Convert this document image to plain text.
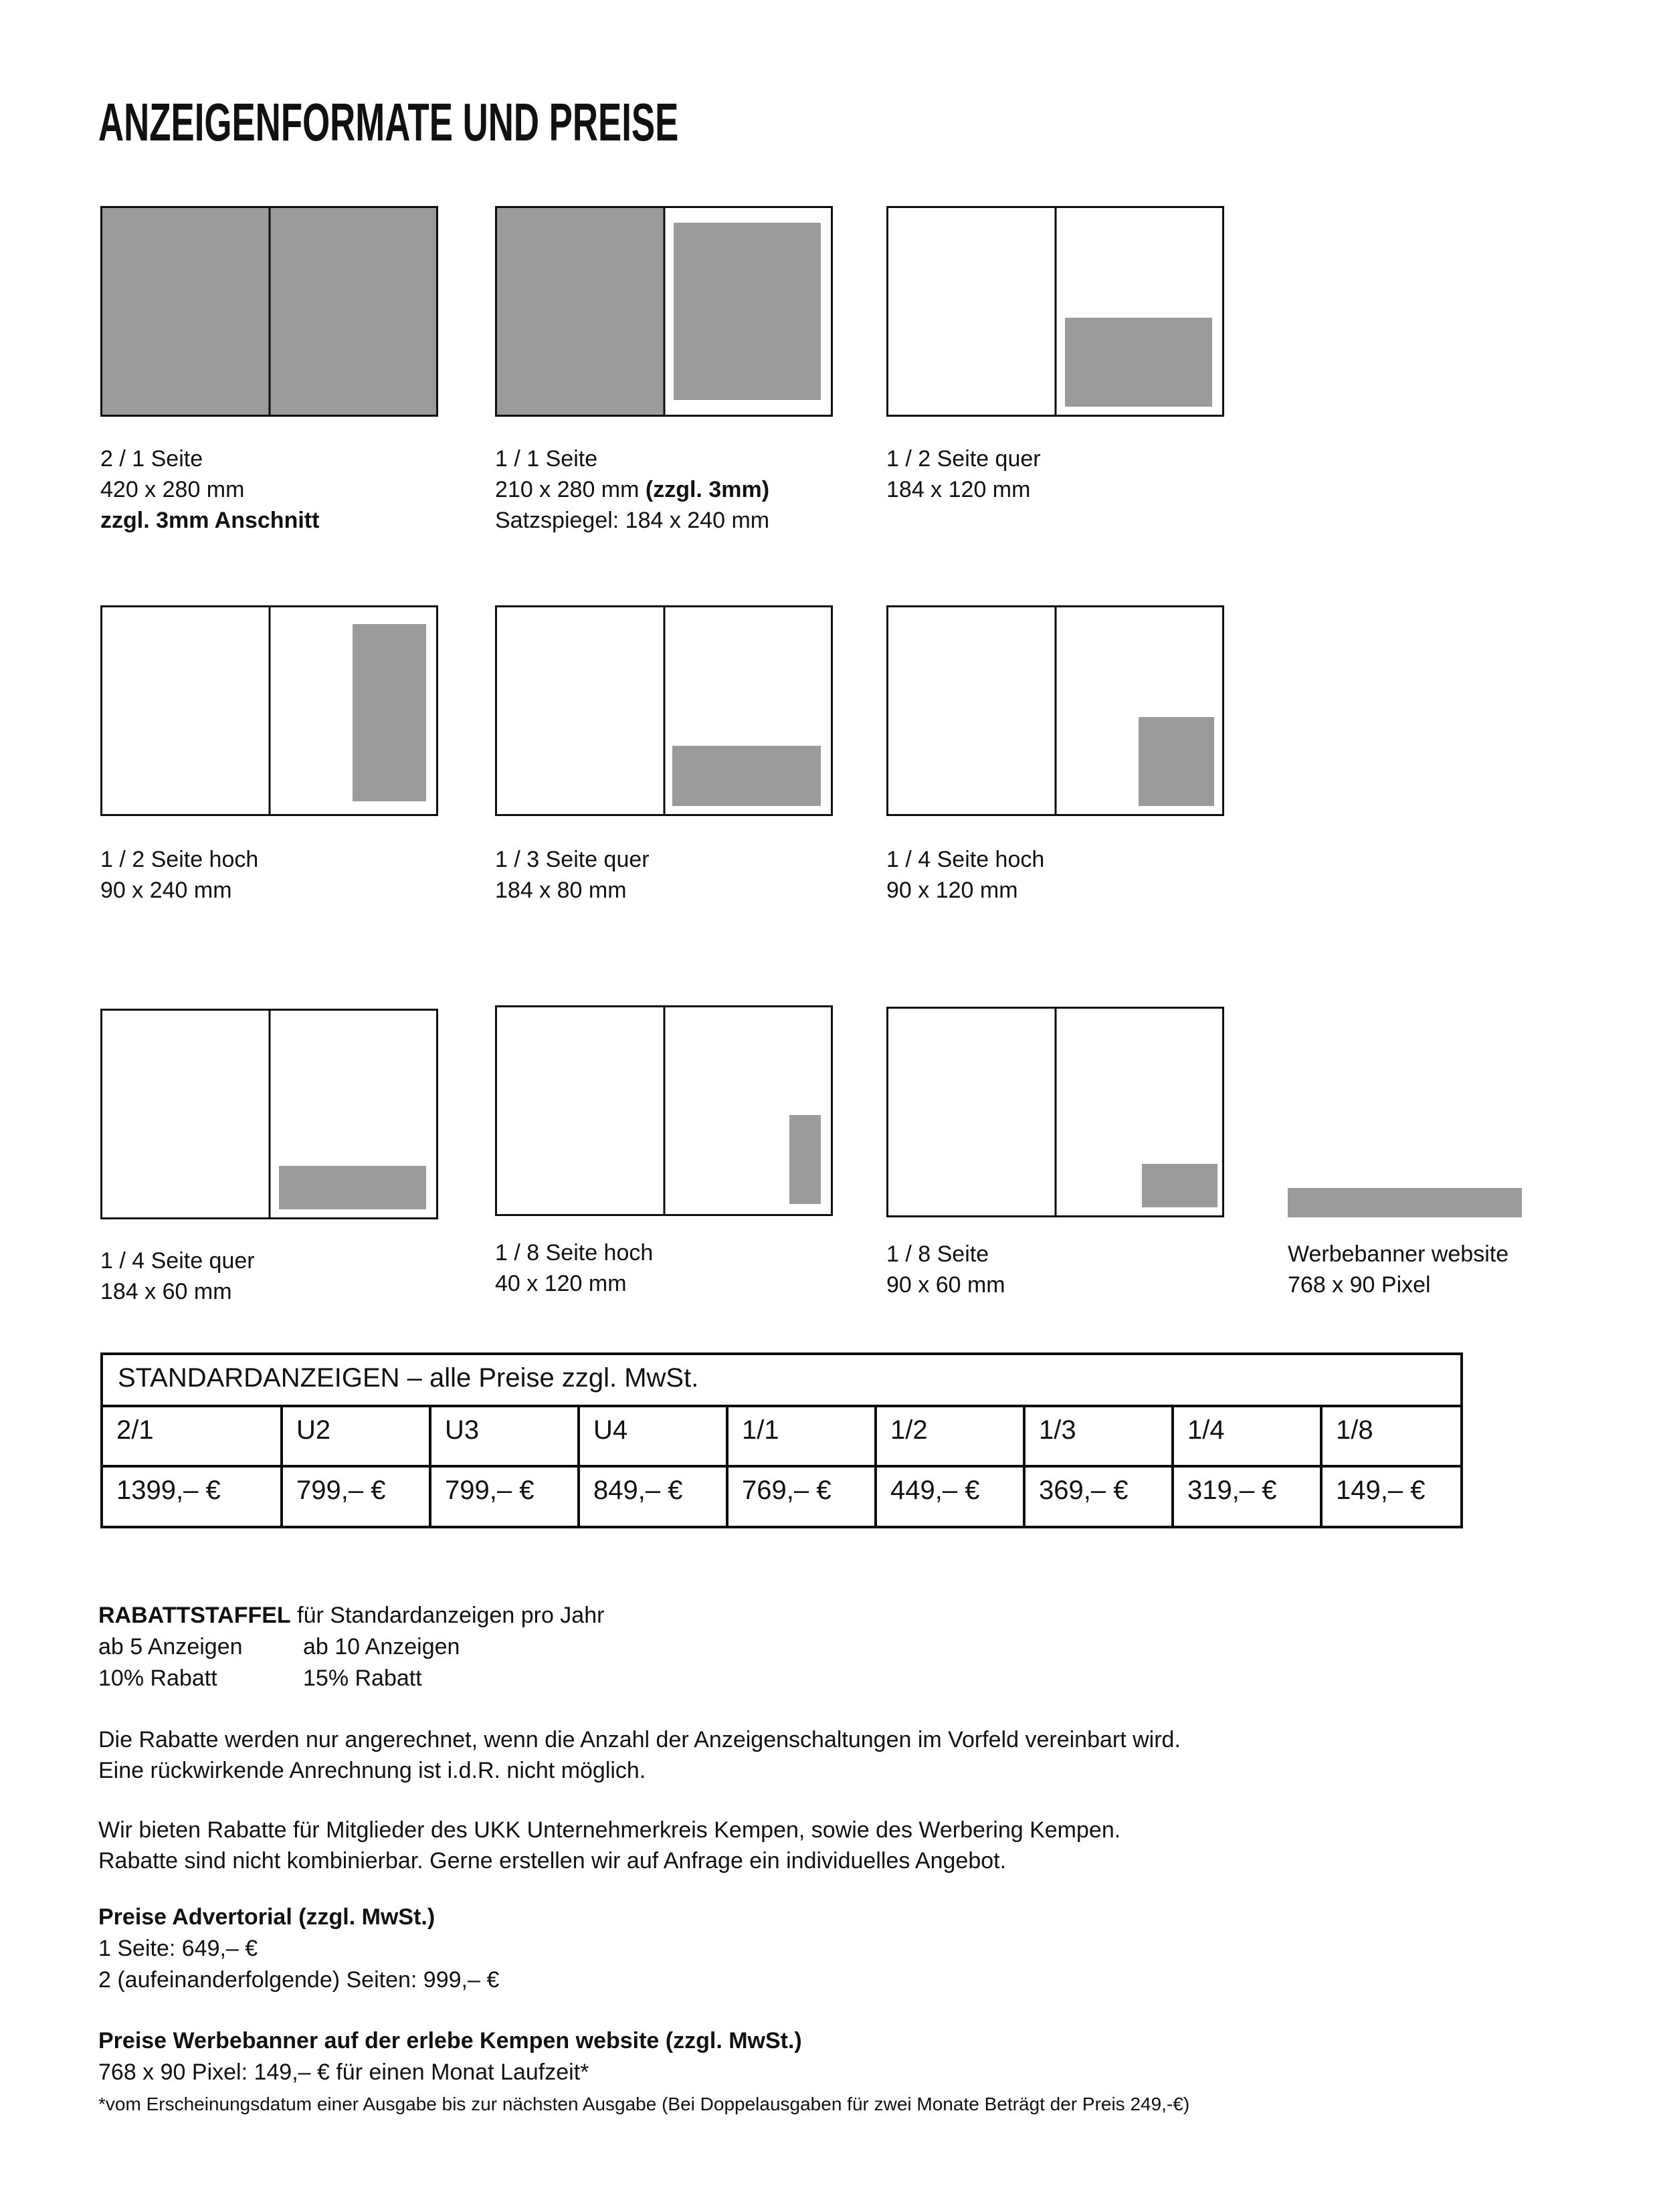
ANZEIGENFORMATE UND PREISE
2 / 1 Seite
420 x 280 mm
zzgl. 3mm Anschnitt
1 / 1 Seite
210 x 280 mm (zzgl. 3mm)
Satzspiegel: 184 x 240 mm
1 / 2 Seite quer
184 x 120 mm
1 / 2 Seite hoch
90 x 240 mm
1 / 3 Seite quer
184 x 80 mm
1 / 4 Seite hoch
90 x 120 mm
1 / 4 Seite quer
184 x 60 mm
1 / 8 Seite hoch
40 x 120 mm
1 / 8 Seite
90 x 60 mm
Werbebanner website
768 x 90 Pixel
STANDARDANZEIGEN – alle Preise zzgl. MwSt.
2/1	U2	U3	U4	1/1	1/2	1/3	1/4	1/8
1399,– €	799,– €	799,– €	849,– €	769,– €	449,– €	369,– €	319,– €	149,– €
RABATTSTAFFEL für Standardanzeigen pro Jahr
ab 5 Anzeigen	ab 10 Anzeigen
10% Rabatt	15% Rabatt
Die Rabatte werden nur angerechnet, wenn die Anzahl der Anzeigenschaltungen im Vorfeld vereinbart wird.
Eine rückwirkende Anrechnung ist i.d.R. nicht möglich.
Wir bieten Rabatte für Mitglieder des UKK Unternehmerkreis Kempen, sowie des Werbering Kempen.
Rabatte sind nicht kombinierbar. Gerne erstellen wir auf Anfrage ein individuelles Angebot.
Preise Advertorial (zzgl. MwSt.)
1 Seite: 649,– €
2 (aufeinanderfolgende) Seiten: 999,– €
Preise Werbebanner auf der erlebe Kempen website (zzgl. MwSt.)
768 x 90 Pixel: 149,– € für einen Monat Laufzeit*
*vom Erscheinungsdatum einer Ausgabe bis zur nächsten Ausgabe (Bei Doppelausgaben für zwei Monate Beträgt der Preis 249,-€)
